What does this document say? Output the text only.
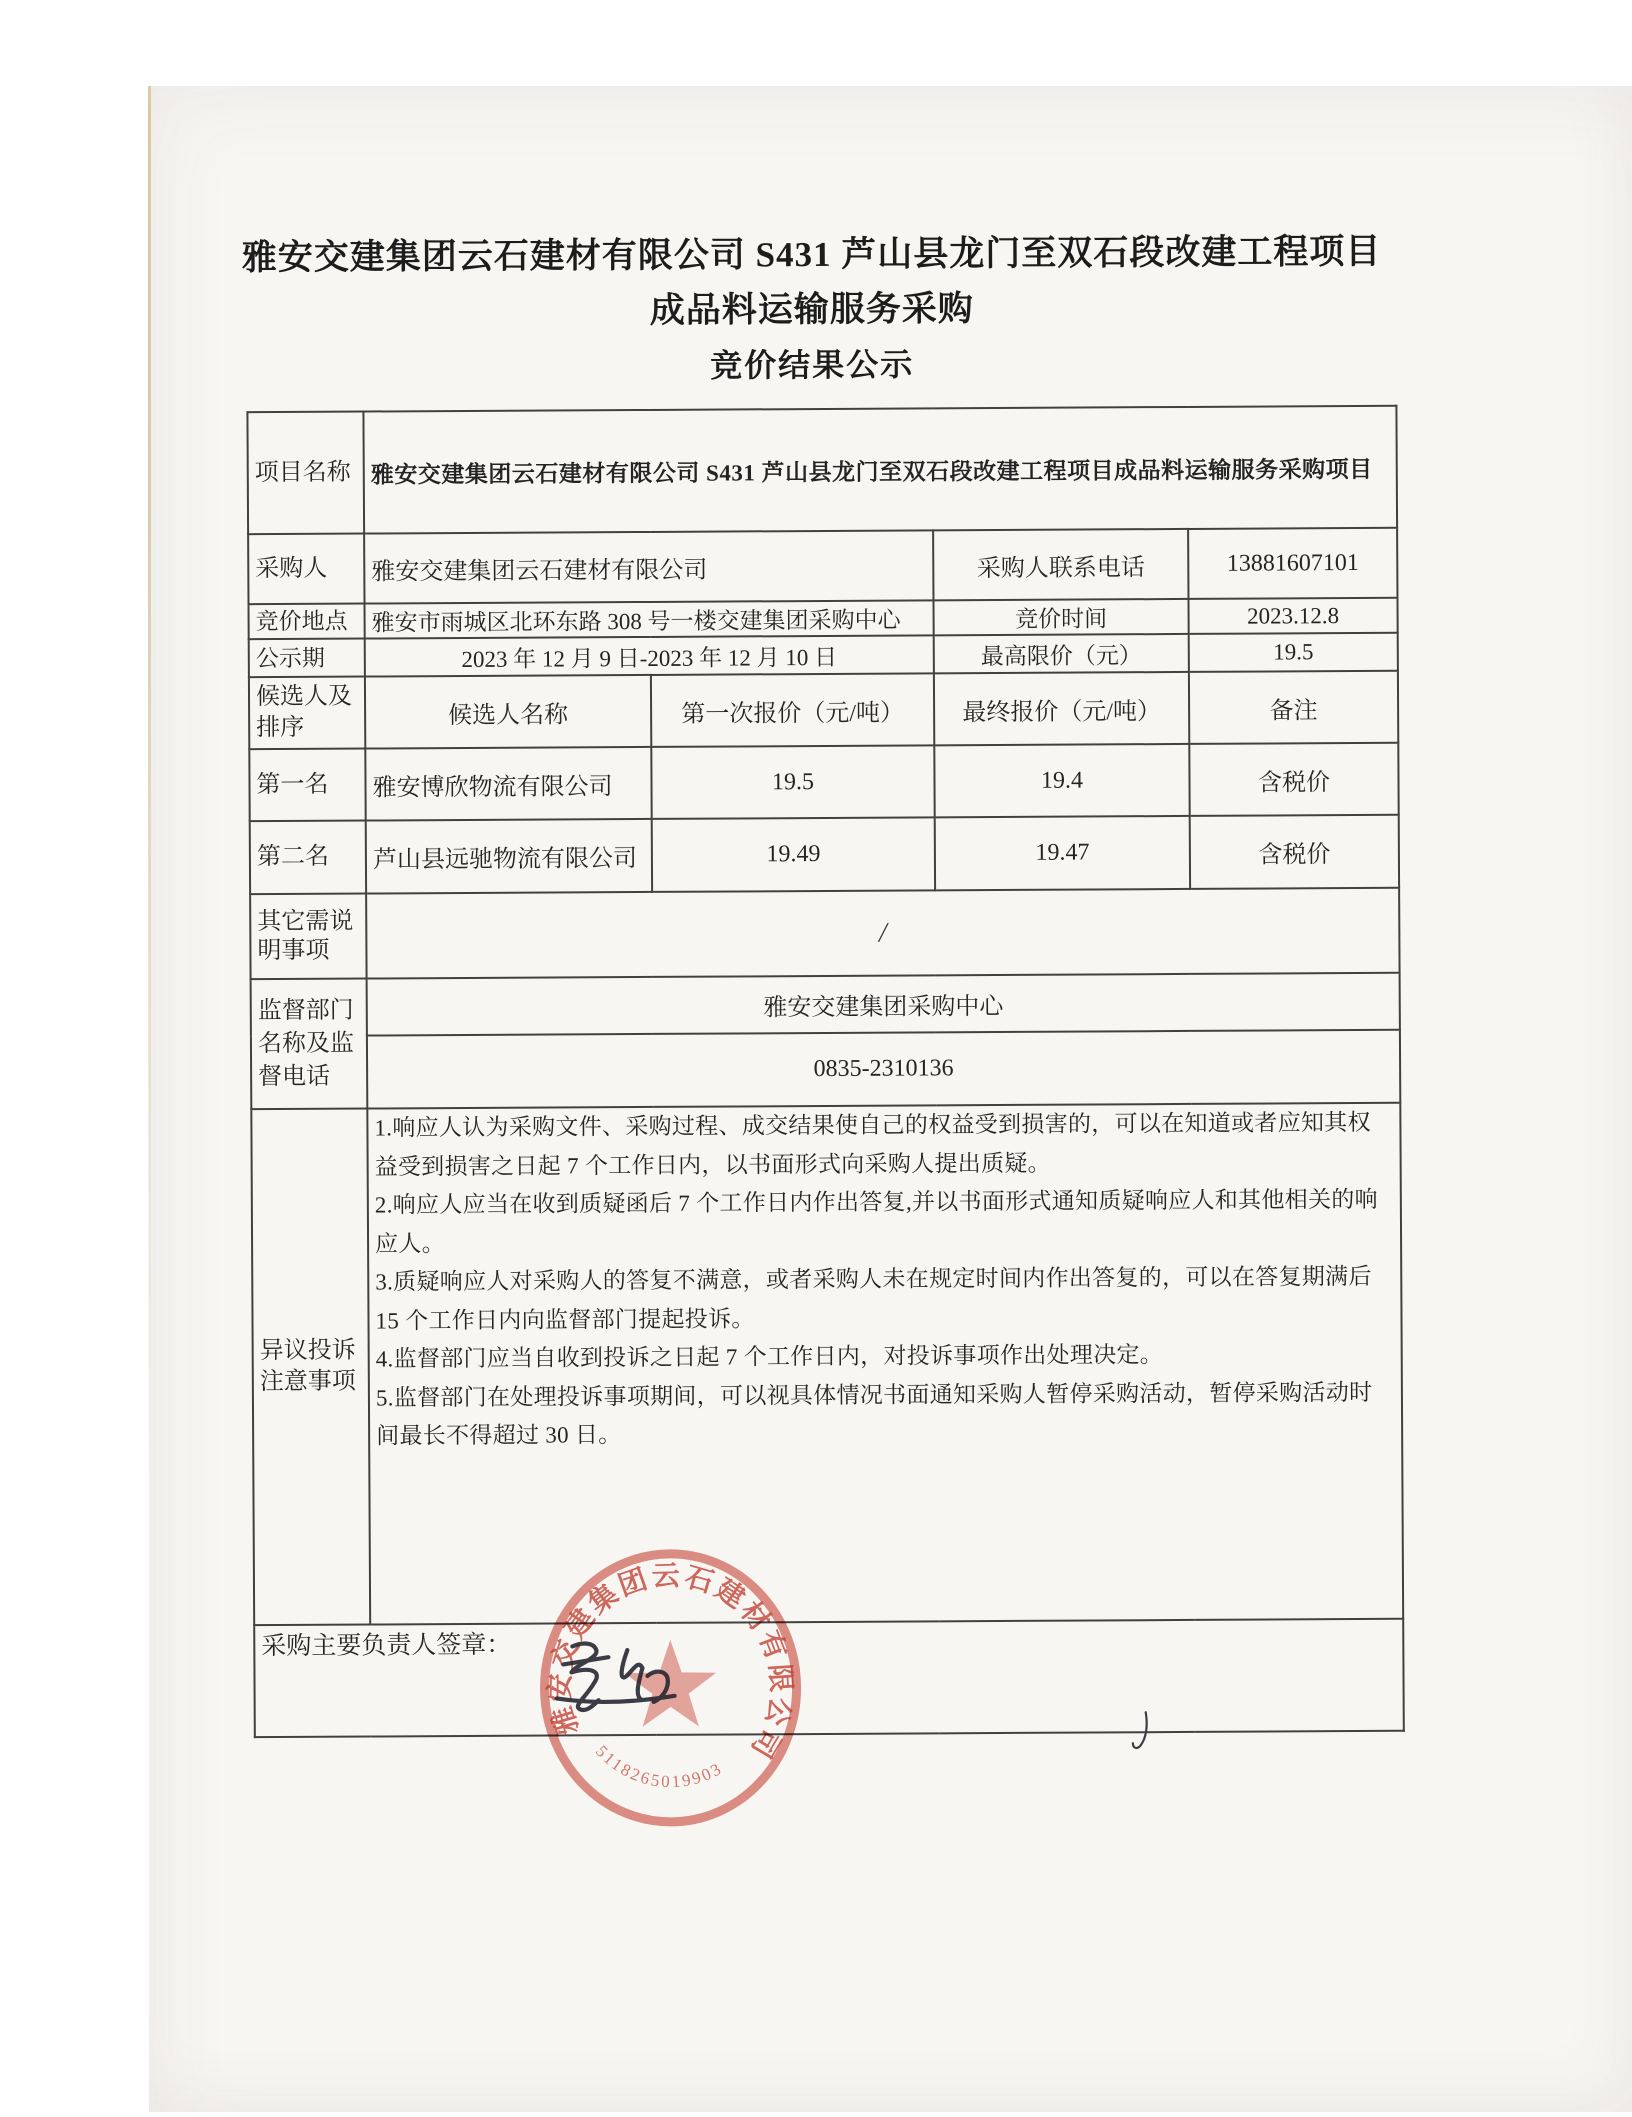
雅安交建集团云石建材有限公司 S431 芦山县龙门至双石段改建工程项目
成品料运输服务采购
竞价结果公示
项目名称	雅安交建集团云石建材有限公司 S431 芦山县龙门至双石段改建工程项目成品料运输服务采购项目			
采购人	雅安交建集团云石建材有限公司		采购人联系电话	13881607101
竞价地点	雅安市雨城区北环东路 308 号一楼交建集团采购中心		竞价时间	2023.12.8
公示期	2023 年 12 月 9 日-2023 年 12 月 10 日		最高限价（元）	19.5
候选人及排序	候选人名称	第一次报价（元/吨）	最终报价（元/吨）	备注
第一名	雅安博欣物流有限公司	19.5	19.4	含税价
第二名	芦山县远驰物流有限公司	19.49	19.47	含税价
其它需说明事项	/			
监督部门名称及监督电话	雅安交建集团采购中心			
	0835-2310136			
异议投诉注意事项	1.响应人认为采购文件、采购过程、成交结果使自己的权益受到损害的，可以在知道或者应知其权益受到损害之日起 7 个工作日内，以书面形式向采购人提出质疑。
2.响应人应当在收到质疑函后 7 个工作日内作出答复,并以书面形式通知质疑响应人和其他相关的响应人。
3.质疑响应人对采购人的答复不满意，或者采购人未在规定时间内作出答复的，可以在答复期满后 15 个工作日内向监督部门提起投诉。
4.监督部门应当自收到投诉之日起 7 个工作日内，对投诉事项作出处理决定。
5.监督部门在处理投诉事项期间，可以视具体情况书面通知采购人暂停采购活动，暂停采购活动时间最长不得超过 30 日。			

采购主要负责人签章：				
雅安交建集团云石建材有限公司
5118265019903
